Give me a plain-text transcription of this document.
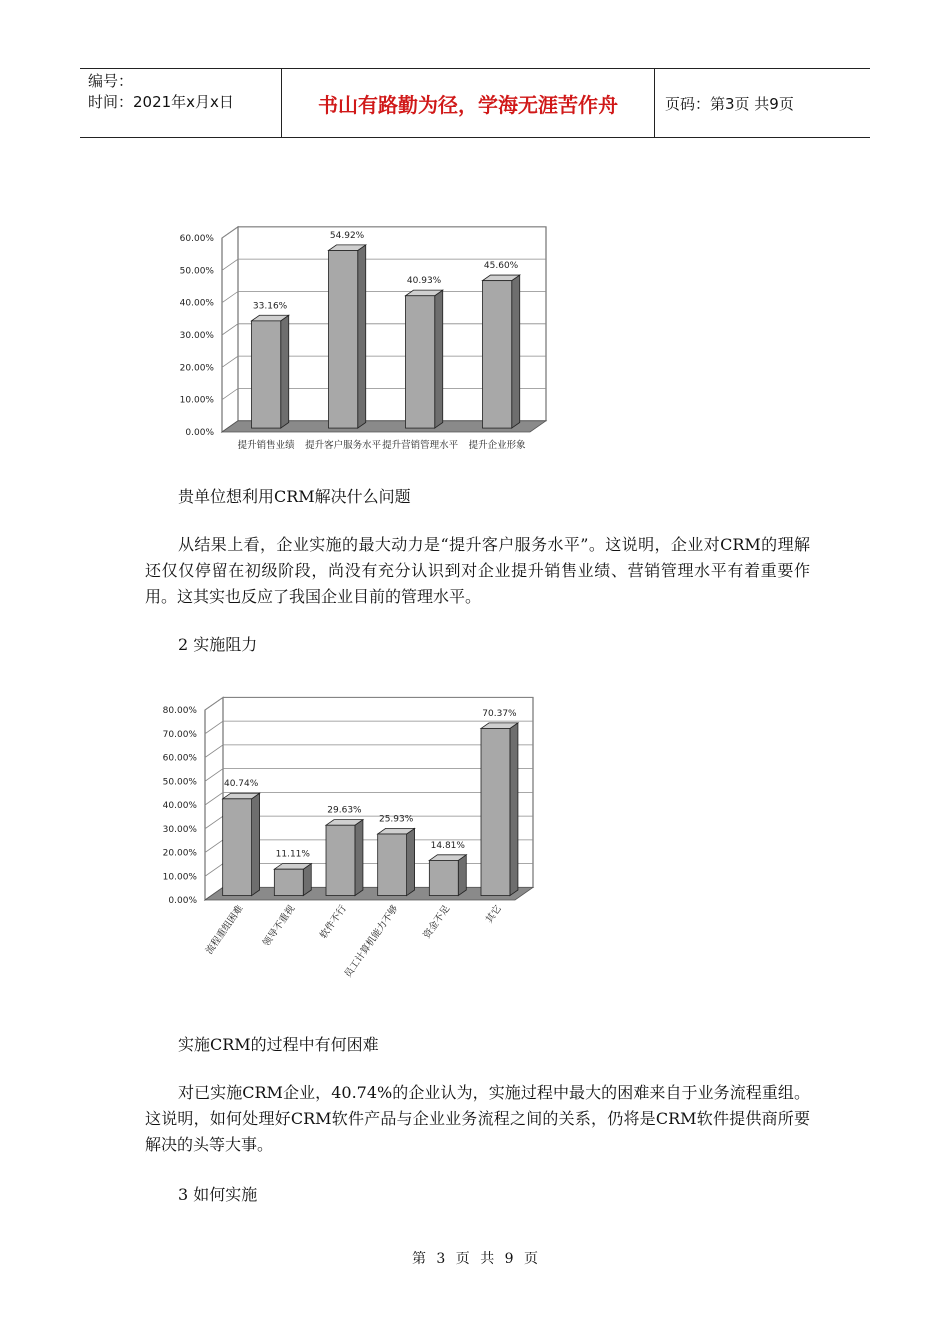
编号：
时间：2021年x月x日	书山有路勤为径，学海无涯苦作舟	页码：第3页 共9页
0.00%
10.00%
20.00%
30.00%
40.00%
50.00%
60.00%
33.16%
提升销售业绩
54.92%
提升客户服务水平
40.93%
提升营销管理水平
45.60%
提升企业形象
贵单位想利用CRM解决什么问题
从结果上看，企业实施的最大动力是“提升客户服务水平”。这说明，企业对CRM的理解还仅仅停留在初级阶段，尚没有充分认识到对企业提升销售业绩、营销管理水平有着重要作用。这其实也反应了我国企业目前的管理水平。
2 实施阻力
0.00%
10.00%
20.00%
30.00%
40.00%
50.00%
60.00%
70.00%
80.00%
40.74%
流程重组困难
11.11%
领导不重视
29.63%
软件不行
25.93%
员工计算机能力不够
14.81%
资金不足
70.37%
其它
实施CRM的过程中有何困难
对已实施CRM企业，40.74%的企业认为，实施过程中最大的困难来自于业务流程重组。这说明，如何处理好CRM软件产品与企业业务流程之间的关系，仍将是CRM软件提供商所要解决的头等大事。
3 如何实施
第 3 页 共 9 页
